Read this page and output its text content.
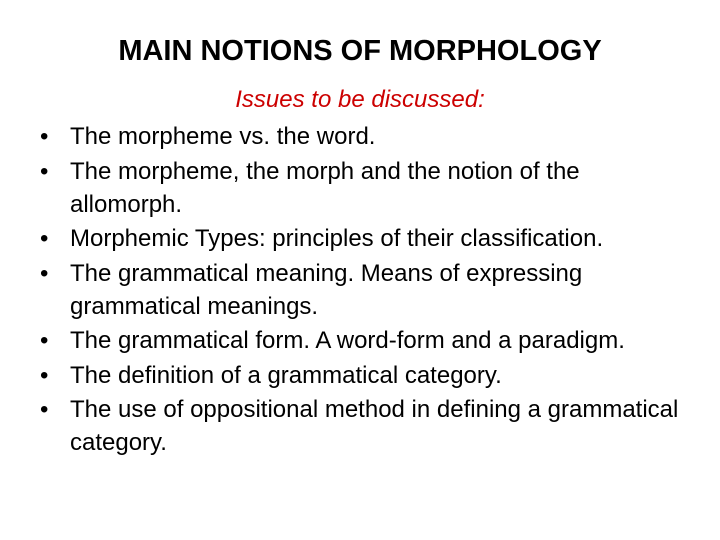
MAIN NOTIONS OF MORPHOLOGY

Issues to be discussed:

• The morpheme vs. the word.
• The morpheme, the morph and the notion of the allomorph.
• Morphemic Types: principles of their classification.
• The grammatical meaning. Means of expressing grammatical meanings.
• The grammatical form. A word-form and a paradigm.
• The definition of a grammatical category.
• The use of oppositional method in defining a grammatical category.
